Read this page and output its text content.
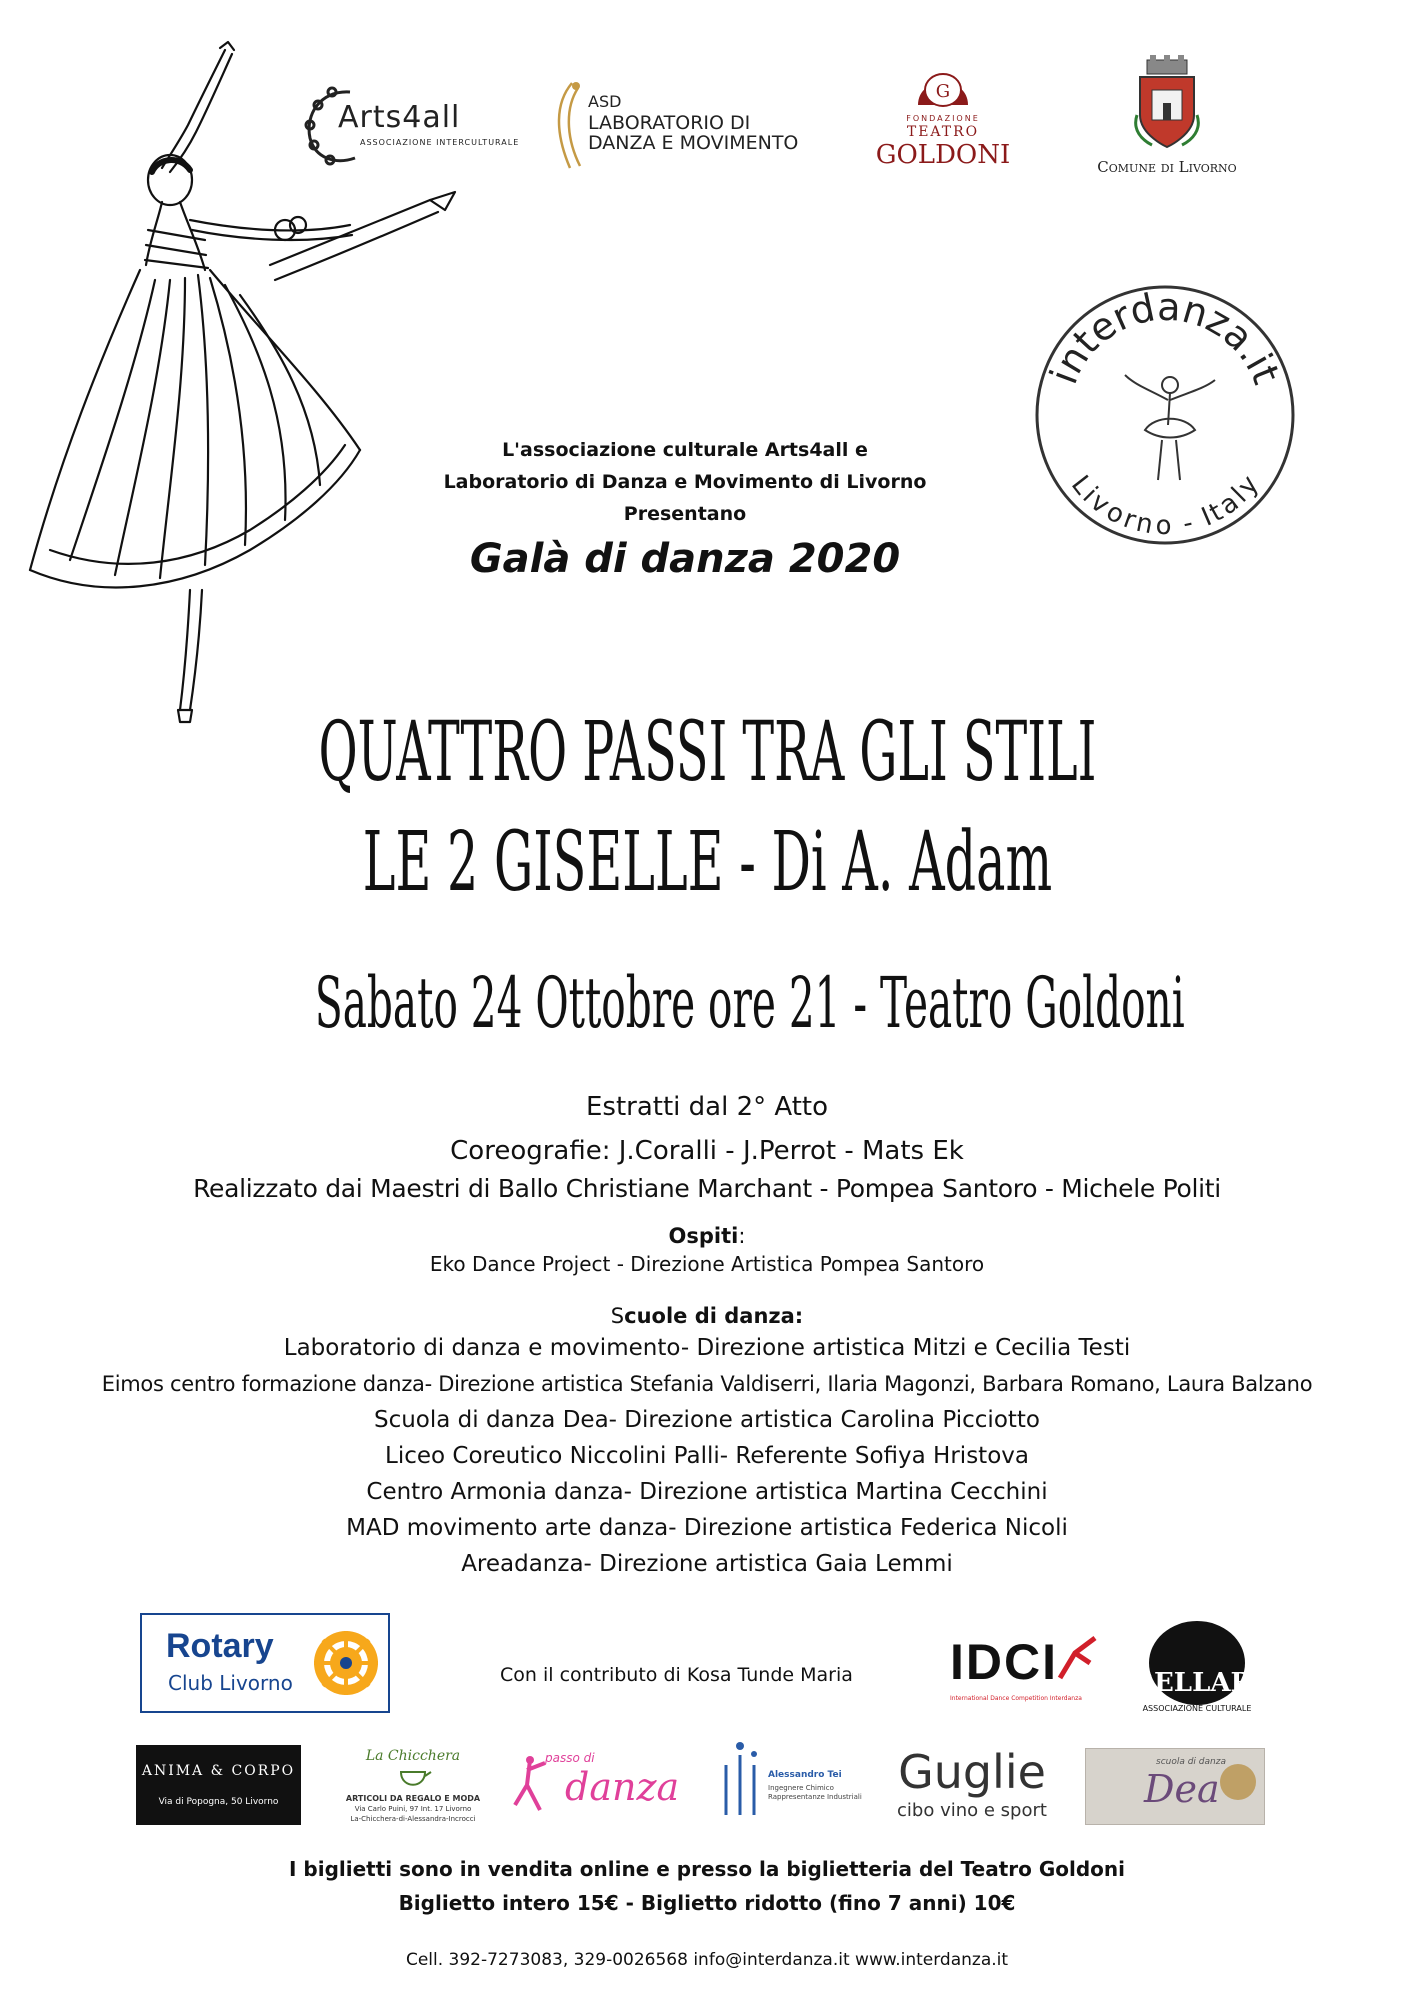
Arts4all
ASSOCIAZIONE INTERCULTURALE
ASD
LABORATORIO DI
DANZA E MOVIMENTO
G
FONDAZIONE
TEATRO
GOLDONI	Comune di Livorno
interdanza.it
Livorno - Italy
L'associazione culturale Arts4all e
Laboratorio di Danza e Movimento di Livorno
Presentano
Galà di danza 2020
QUATTRO PASSI TRA GLI STILI
LE 2 GISELLE - Di A. Adam
Sabato 24 Ottobre ore 21 - Teatro Goldoni
Estratti dal 2° Atto
Coreografie: J.Coralli - J.Perrot - Mats Ek
Realizzato dai Maestri di Ballo Christiane Marchant - Pompea Santoro - Michele Politi
Ospiti:
Eko Dance Project - Direzione Artistica Pompea Santoro
Scuole di danza:
Laboratorio di danza e movimento- Direzione artistica Mitzi e Cecilia Testi
Eimos centro formazione danza- Direzione artistica Stefania Valdiserri, Ilaria Magonzi, Barbara Romano, Laura Balzano
Scuola di danza Dea- Direzione artistica Carolina Picciotto
Liceo Coreutico Niccolini Palli- Referente Sofiya Hristova
Centro Armonia danza- Direzione artistica Martina Cecchini
MAD movimento arte danza- Direzione artistica Federica Nicoli
Areadanza- Direzione artistica Gaia Lemmi
Rotary
Club Livorno	Con il contributo di Kosa Tunde Maria IDCI
International Dance Competition Interdanza
BELLART
ASSOCIAZIONE CULTURALE
ANIMA & CORPO
Via di Popogna, 50 Livorno
La Chicchera
ARTICOLI DA REGALO E MODA
Via Carlo Puini, 97 Int. 17 Livorno
La-Chicchera-di-Alessandra-Incrocci
passo di
danza	Alessandro Tei
Ingegnere Chimico
Rappresentanze Industriali Guglie
cibo vino e sport
scuola di danza
Dea
I biglietti sono in vendita online e presso la biglietteria del Teatro Goldoni
Biglietto intero 15€ - Biglietto ridotto (fino 7 anni) 10€
Cell. 392-7273083, 329-0026568 info@interdanza.it www.interdanza.it
